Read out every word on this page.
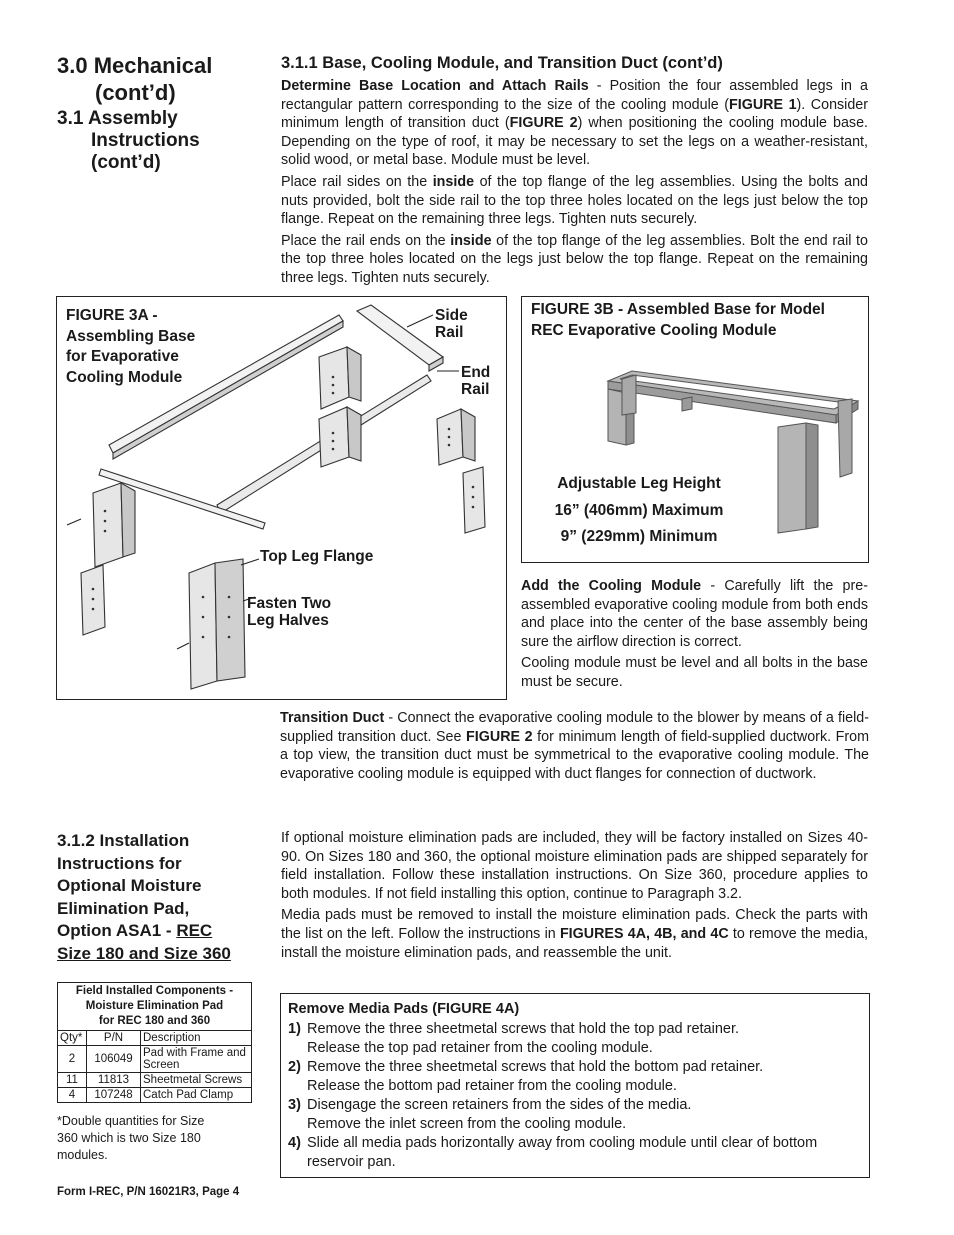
3.0 Mechanical
(cont’d)
3.1 Assembly
Instructions
(cont’d)
3.1.1 Base, Cooling Module, and Transition Duct (cont’d)

Determine Base Location and Attach Rails - Position the four assembled legs in a rectangular pattern corresponding to the size of the cooling module (FIGURE 1). Consider minimum length of transition duct (FIGURE 2) when positioning the cooling module base. Depending on the type of roof, it may be necessary to set the legs on a weather-resistant, solid wood, or metal base. Module must be level.

Place rail sides on the inside of the top flange of the leg assemblies. Using the bolts and nuts provided, bolt the side rail to the top three holes located on the legs just below the top flange. Repeat on the remaining three legs. Tighten nuts securely.

Place the rail ends on the inside of the top flange of the leg assemblies. Bolt the end rail to the top three holes located on the legs just below the top flange. Repeat on the remaining three legs. Tighten nuts securely.

FIGURE 3A -
Assembling Base
for Evaporative
Cooling Module
Side
Rail
End
Rail
Top Leg Flange
Fasten Two
Leg Halves
FIGURE 3B - Assembled Base for Model
REC Evaporative Cooling Module
Adjustable Leg Height
16” (406mm) Maximum
9” (229mm) Minimum

Add the Cooling Module - Carefully lift the pre-assembled evaporative cooling module from both ends and place into the center of the base assembly being sure the airflow direction is correct.

Cooling module must be level and all bolts in the base must be secure.

Transition Duct - Connect the evaporative cooling module to the blower by means of a field-supplied transition duct. See FIGURE 2 for minimum length of field-supplied ductwork. From a top view, the transition duct must be symmetrical to the evaporative cooling module. The evaporative cooling module is equipped with duct flanges for connection of ductwork.

3.1.2 Installation
Instructions for
Optional Moisture
Elimination Pad,
Option ASA1 - REC
Size 180 and Size 360
Field Installed Components -
Moisture Elimination Pad
for REC 180 and 360		

Qty*	P/N	Description
2	106049	Pad with Frame and Screen
11	11813	Sheetmetal Screws
4	107248	Catch Pad Clamp
*Double quantities for Size
360 which is two Size 180
modules.

If optional moisture elimination pads are included, they will be factory installed on Sizes 40-90. On Sizes 180 and 360, the optional moisture elimination pads are shipped separately for field installation. Follow these installation instructions. On Size 360, procedure applies to both modules. If not field installing this option, continue to Paragraph 3.2.

Media pads must be removed to install the moisture elimination pads. Check the parts with the list on the left. Follow the instructions in FIGURES 4A, 4B, and 4C to remove the media, install the moisture elimination pads, and reassemble the unit.

Remove Media Pads (FIGURE 4A)
1) Remove the three sheetmetal screws that hold the top pad retainer.
Release the top pad retainer from the cooling module.
2) Remove the three sheetmetal screws that hold the bottom pad retainer.
Release the bottom pad retainer from the cooling module.
3) Disengage the screen retainers from the sides of the media.
Remove the inlet screen from the cooling module.
4) Slide all media pads horizontally away from cooling module until clear of bottom
reservoir pan.
Form I-REC, P/N 16021R3, Page 4
